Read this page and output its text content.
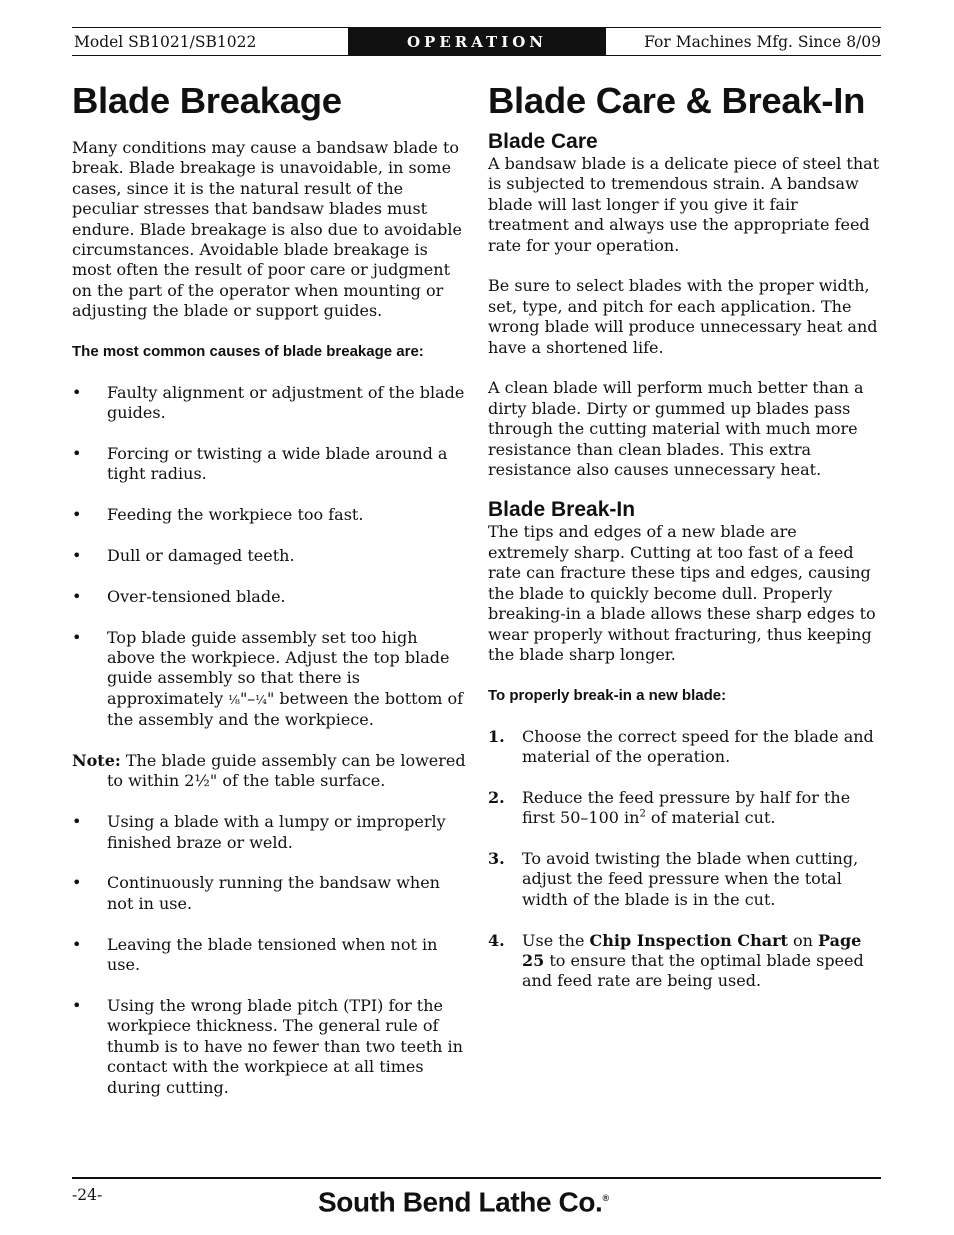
Model SB1021/SB1022	OPERATION	For Machines Mfg. Since 8/09
Blade Breakage

Many conditions may cause a bandsaw blade to break. Blade breakage is unavoidable, in some cases, since it is the natural result of the peculiar stresses that bandsaw blades must endure. Blade breakage is also due to avoidable circumstances. Avoidable blade breakage is most often the result of poor care or judgment on the part of the operator when mounting or adjusting the blade or support guides.

The most common causes of blade breakage are:

•	Faulty alignment or adjustment of the blade guides.
•	Forcing or twisting a wide blade around a tight radius.
•	Feeding the workpiece too fast.
•	Dull or damaged teeth.
•	Over-tensioned blade.
•	Top blade guide assembly set too high above the workpiece. Adjust the top blade guide assembly so that there is approximately ⅛"–¼" between the bottom of the assembly and the workpiece.

Note: The blade guide assembly can be lowered to within 2½" of the table surface.

•	Using a blade with a lumpy or improperly finished braze or weld.
•	Continuously running the bandsaw when not in use.
•	Leaving the blade tensioned when not in use.
•	Using the wrong blade pitch (TPI) for the workpiece thickness. The general rule of thumb is to have no fewer than two teeth in contact with the workpiece at all times during cutting.
Blade Care & Break-In
Blade Care

A bandsaw blade is a delicate piece of steel that is subjected to tremendous strain. A bandsaw blade will last longer if you give it fair treatment and always use the appropriate feed rate for your operation.

Be sure to select blades with the proper width, set, type, and pitch for each application. The wrong blade will produce unnecessary heat and have a shortened life.

A clean blade will perform much better than a dirty blade. Dirty or gummed up blades pass through the cutting material with much more resistance than clean blades. This extra resistance also causes unnecessary heat.

Blade Break-In

The tips and edges of a new blade are extremely sharp. Cutting at too fast of a feed rate can fracture these tips and edges, causing the blade to quickly become dull. Properly breaking-in a blade allows these sharp edges to wear properly without fracturing, thus keeping the blade sharp longer.

To properly break-in a new blade:

1. Choose the correct speed for the blade and material of the operation.
2. Reduce the feed pressure by half for the first 50–100 $in^2$ of material cut.
3. To avoid twisting the blade when cutting, adjust the feed pressure when the total width of the blade is in the cut.
4. Use the Chip Inspection Chart on Page 25 to ensure that the optimal blade speed and feed rate are being used.
-24-	South Bend Lathe Co.®
